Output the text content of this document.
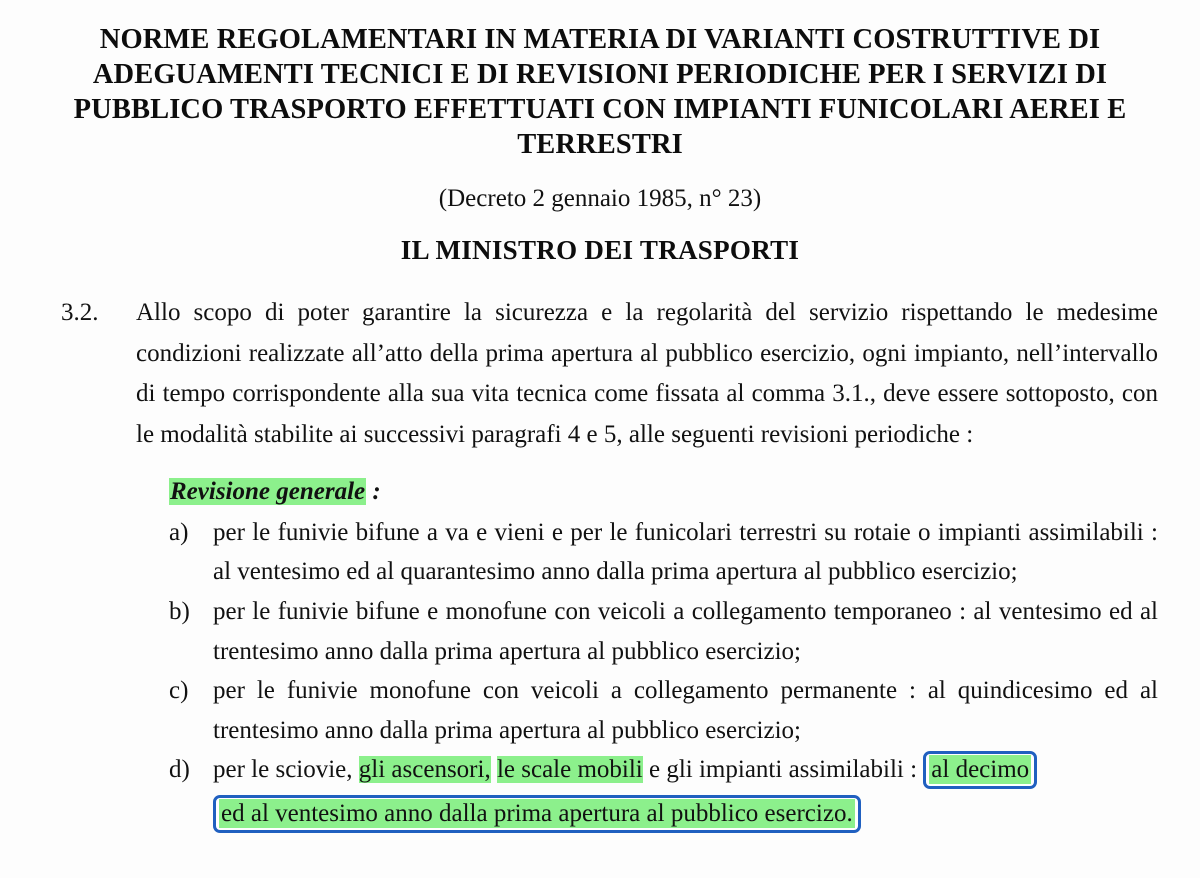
NORME REGOLAMENTARI IN MATERIA DI VARIANTI COSTRUTTIVE DI ADEGUAMENTI TECNICI E DI REVISIONI PERIODICHE PER I SERVIZI DI PUBBLICO TRASPORTO EFFETTUATI CON IMPIANTI FUNICOLARI AEREI E TERRESTRI
(Decreto 2 gennaio 1985, n° 23)
IL MINISTRO DEI TRASPORTI
3.2.	Allo scopo di poter garantire la sicurezza e la regolarità del servizio rispettando le medesime condizioni realizzate all’atto della prima apertura al pubblico esercizio, ogni impianto, nell’intervallo di tempo corrispondente alla sua vita tecnica come fissata al comma 3.1., deve essere sottoposto, con le modalità stabilite ai successivi paragrafi 4 e 5, alle seguenti revisioni periodiche :
Revisione generale :
a) per le funivie bifune a va e vieni e per le funicolari terrestri su rotaie o impianti assimilabili : al ventesimo ed al quarantesimo anno dalla prima apertura al pubblico esercizio;
b) per le funivie bifune e monofune con veicoli a collegamento temporaneo : al ventesimo ed al trentesimo anno dalla prima apertura al pubblico esercizio;
c) per le funivie monofune con veicoli a collegamento permanente : al quindicesimo ed al trentesimo anno dalla prima apertura al pubblico esercizio;
d) per le sciovie, gli ascensori, le scale mobili e gli impianti assimilabili : al decimo
ed al ventesimo anno dalla prima apertura al pubblico esercizo.
